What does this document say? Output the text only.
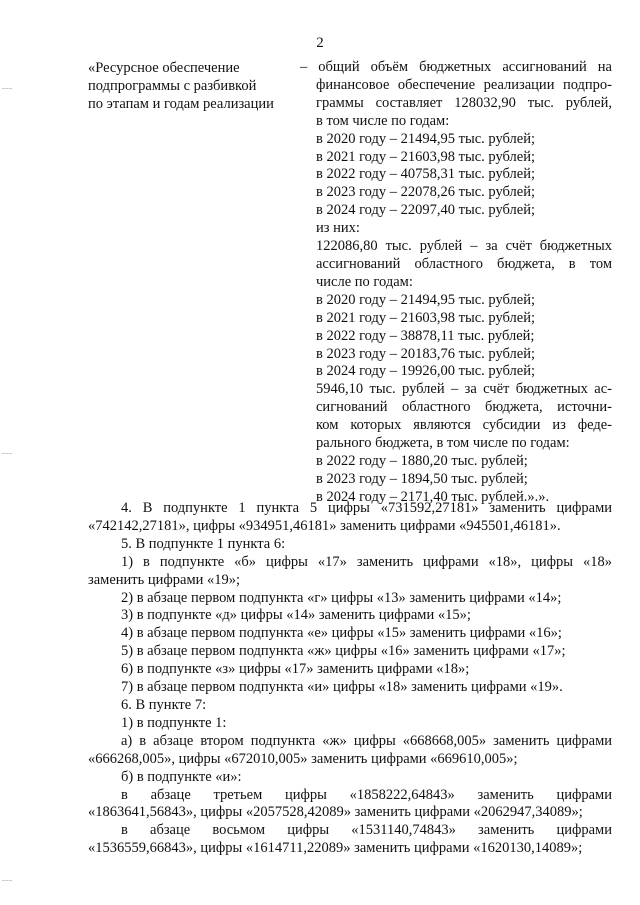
2
«Ресурсное обеспечение
подпрограммы с разбивкой
по этапам и годам реализации
– общий объём бюджетных ассигнований на
финансовое обеспечение реализации подпро-
граммы составляет 128032,90 тыс. рублей,
в том числе по годам:
в 2020 году – 21494,95 тыс. рублей;
в 2021 году – 21603,98 тыс. рублей;
в 2022 году – 40758,31 тыс. рублей;
в 2023 году – 22078,26 тыс. рублей;
в 2024 году – 22097,40 тыс. рублей;
из них:
122086,80 тыс. рублей – за счёт бюджетных
ассигнований областного бюджета, в том
числе по годам:
в 2020 году – 21494,95 тыс. рублей;
в 2021 году – 21603,98 тыс. рублей;
в 2022 году – 38878,11 тыс. рублей;
в 2023 году – 20183,76 тыс. рублей;
в 2024 году – 19926,00 тыс. рублей;
5946,10 тыс. рублей – за счёт бюджетных ас-
сигнований областного бюджета, источни-
ком которых являются субсидии из феде-
рального бюджета, в том числе по годам:
в 2022 году – 1880,20 тыс. рублей;
в 2023 году – 1894,50 тыс. рублей;
в 2024 году – 2171,40 тыс. рублей.».».
4. В подпункте 1 пункта 5 цифры «731592,27181» заменить цифрами
«742142,27181», цифры «934951,46181» заменить цифрами «945501,46181».
5. В подпункте 1 пункта 6:
1) в подпункте «б» цифры «17» заменить цифрами «18», цифры «18»
заменить цифрами «19»;
2) в абзаце первом подпункта «г» цифры «13» заменить цифрами «14»;
3) в подпункте «д» цифры «14» заменить цифрами «15»;
4) в абзаце первом подпункта «е» цифры «15» заменить цифрами «16»;
5) в абзаце первом подпункта «ж» цифры «16» заменить цифрами «17»;
6) в подпункте «з» цифры «17» заменить цифрами «18»;
7) в абзаце первом подпункта «и» цифры «18» заменить цифрами «19».
6. В пункте 7:
1) в подпункте 1:
а) в абзаце втором подпункта «ж» цифры «668668,005» заменить цифрами
«666268,005», цифры «672010,005» заменить цифрами «669610,005»;
б) в подпункте «и»:
в абзаце третьем цифры «1858222,64843» заменить цифрами
«1863641,56843», цифры «2057528,42089» заменить цифрами «2062947,34089»;
в абзаце восьмом цифры «1531140,74843» заменить цифрами
«1536559,66843», цифры «1614711,22089» заменить цифрами «1620130,14089»;
